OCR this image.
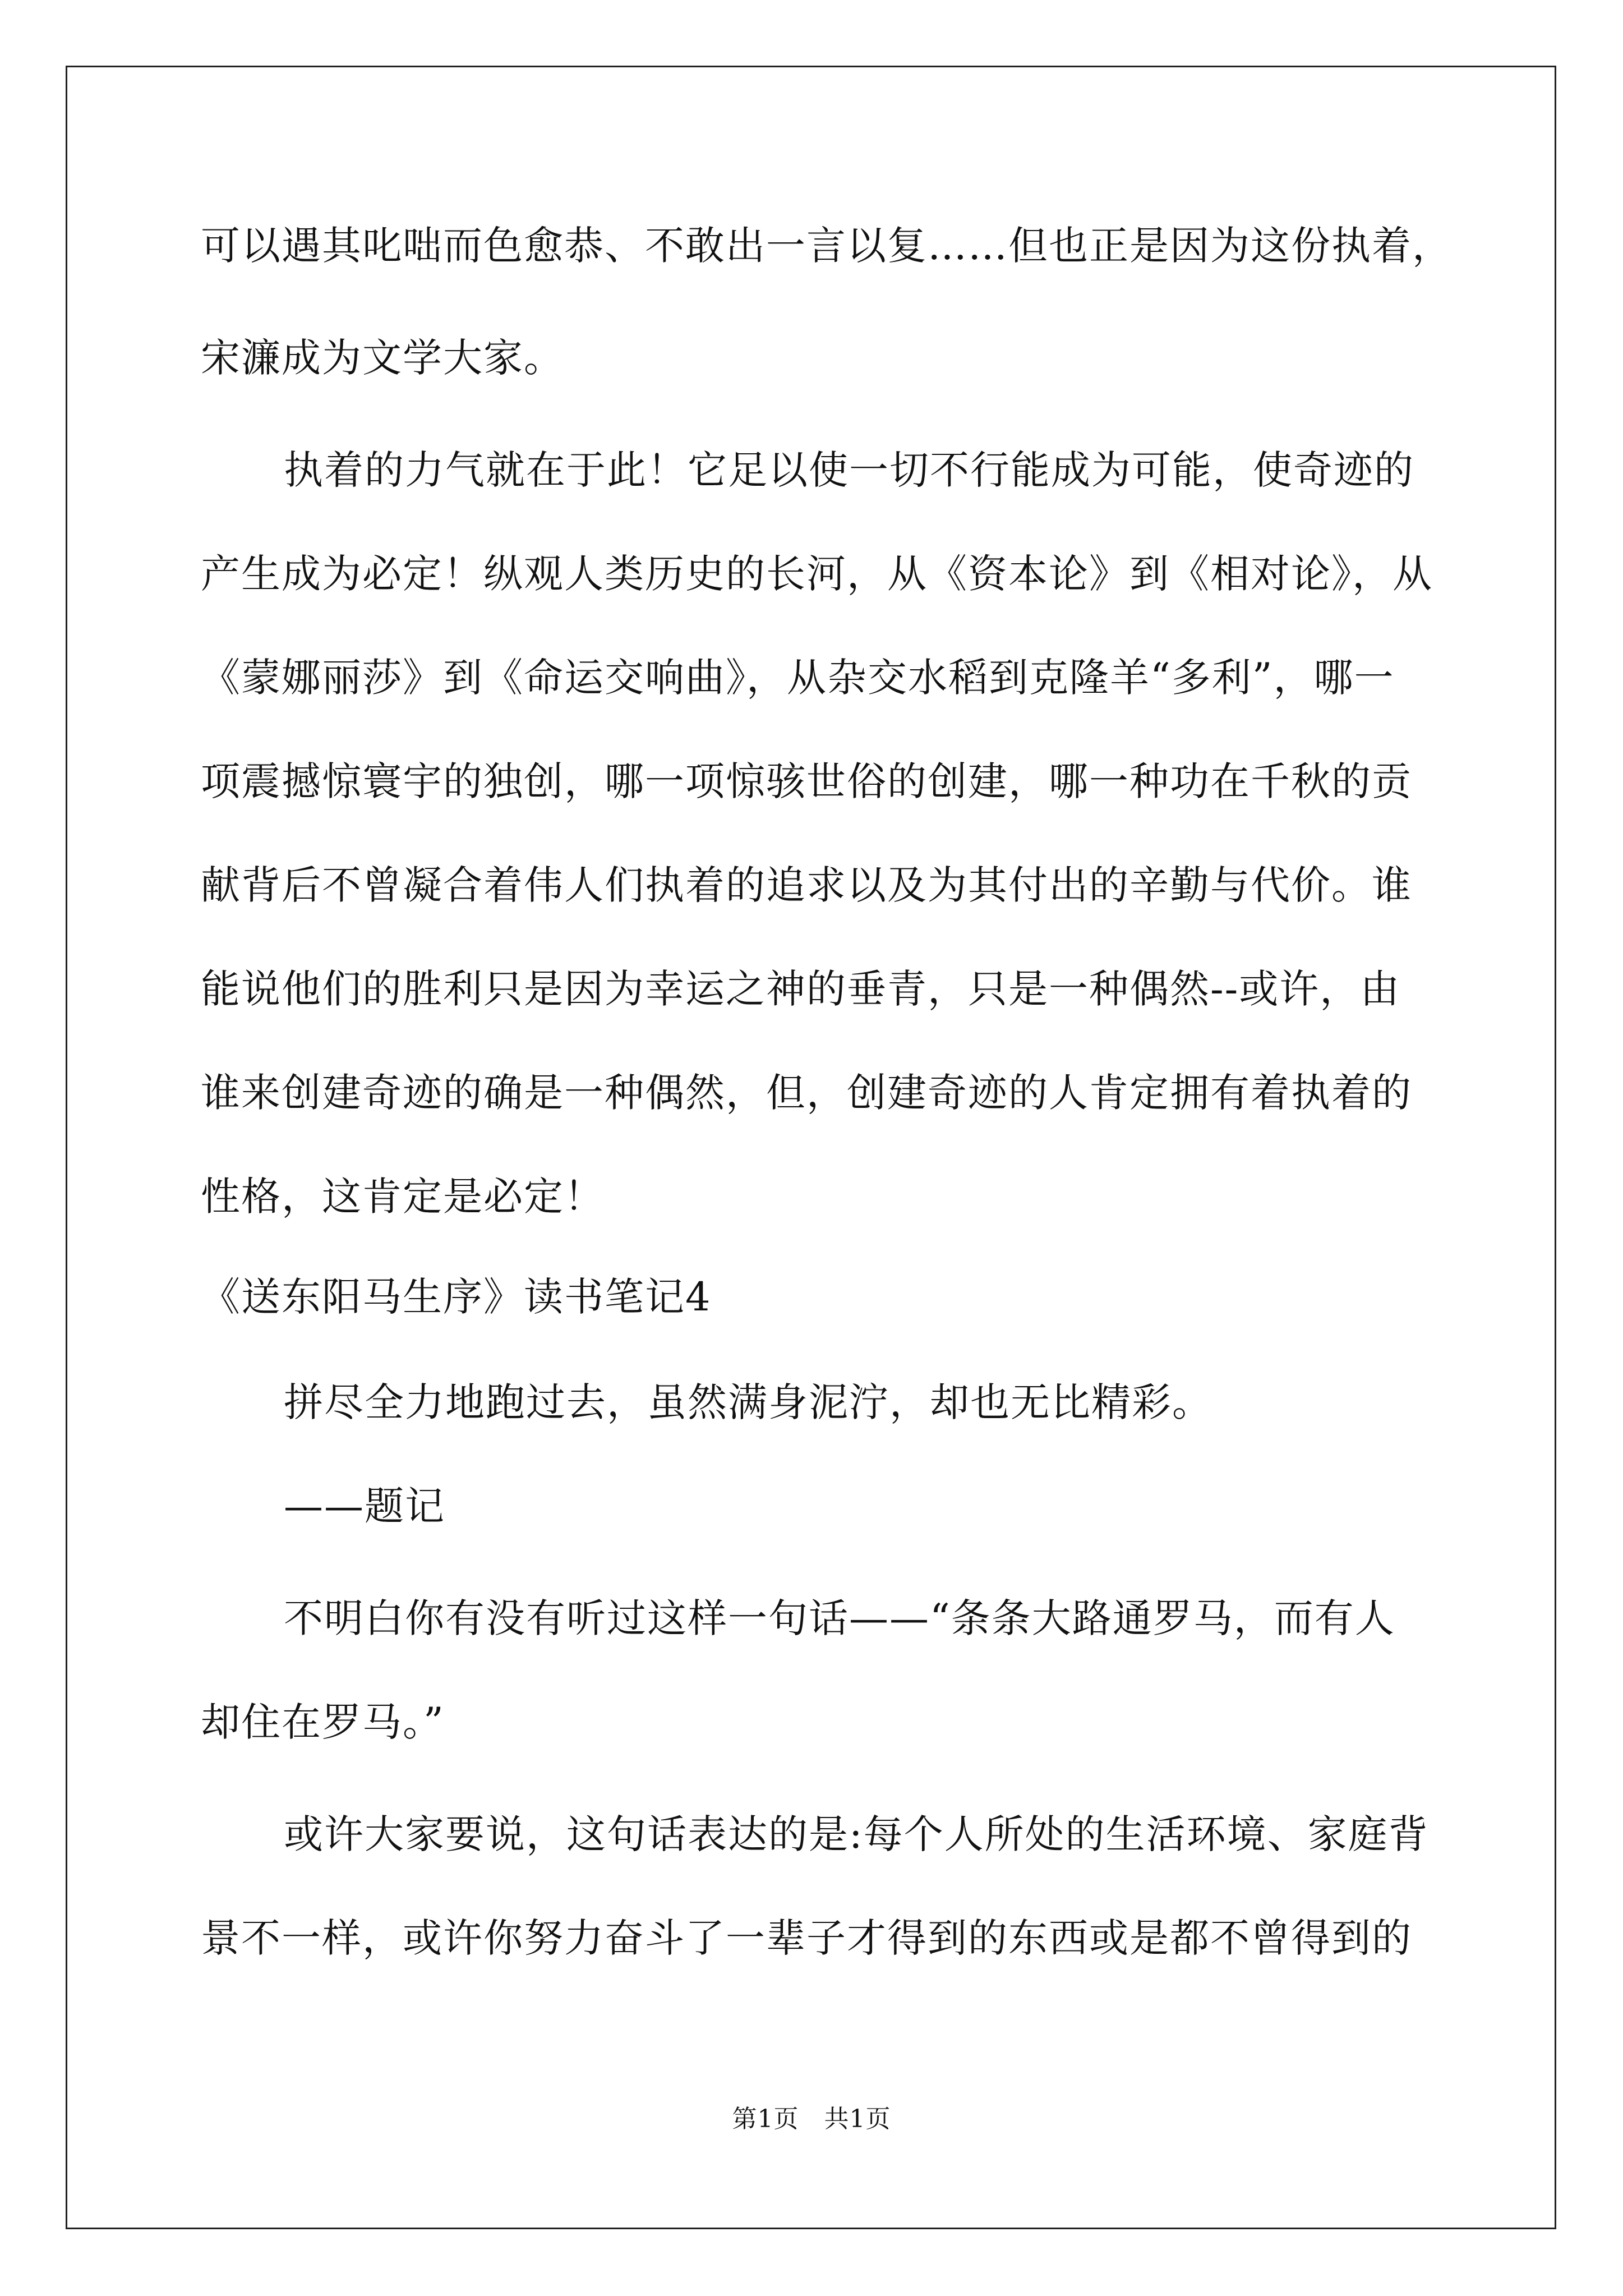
可以遇其叱咄而色愈恭、不敢出一言以复……但也正是因为这份执着，
宋濂成为文学大家。
执着的力气就在于此！它足以使一切不行能成为可能，使奇迹的
产生成为必定！纵观人类历史的长河，从《资本论》到《相对论》，从
《蒙娜丽莎》到《命运交响曲》，从杂交水稻到克隆羊“多利”，哪一
项震撼惊寰宇的独创，哪一项惊骇世俗的创建，哪一种功在千秋的贡
献背后不曾凝合着伟人们执着的追求以及为其付出的辛勤与代价。谁
能说他们的胜利只是因为幸运之神的垂青，只是一种偶然--或许，由
谁来创建奇迹的确是一种偶然，但，创建奇迹的人肯定拥有着执着的
性格，这肯定是必定！
《送东阳马生序》读书笔记4
拼尽全力地跑过去，虽然满身泥泞，却也无比精彩。
——题记
不明白你有没有听过这样一句话——“条条大路通罗马，而有人
却住在罗马。”
或许大家要说，这句话表达的是:每个人所处的生活环境、家庭背
景不一样，或许你努力奋斗了一辈子才得到的东西或是都不曾得到的
第1页　共1页
